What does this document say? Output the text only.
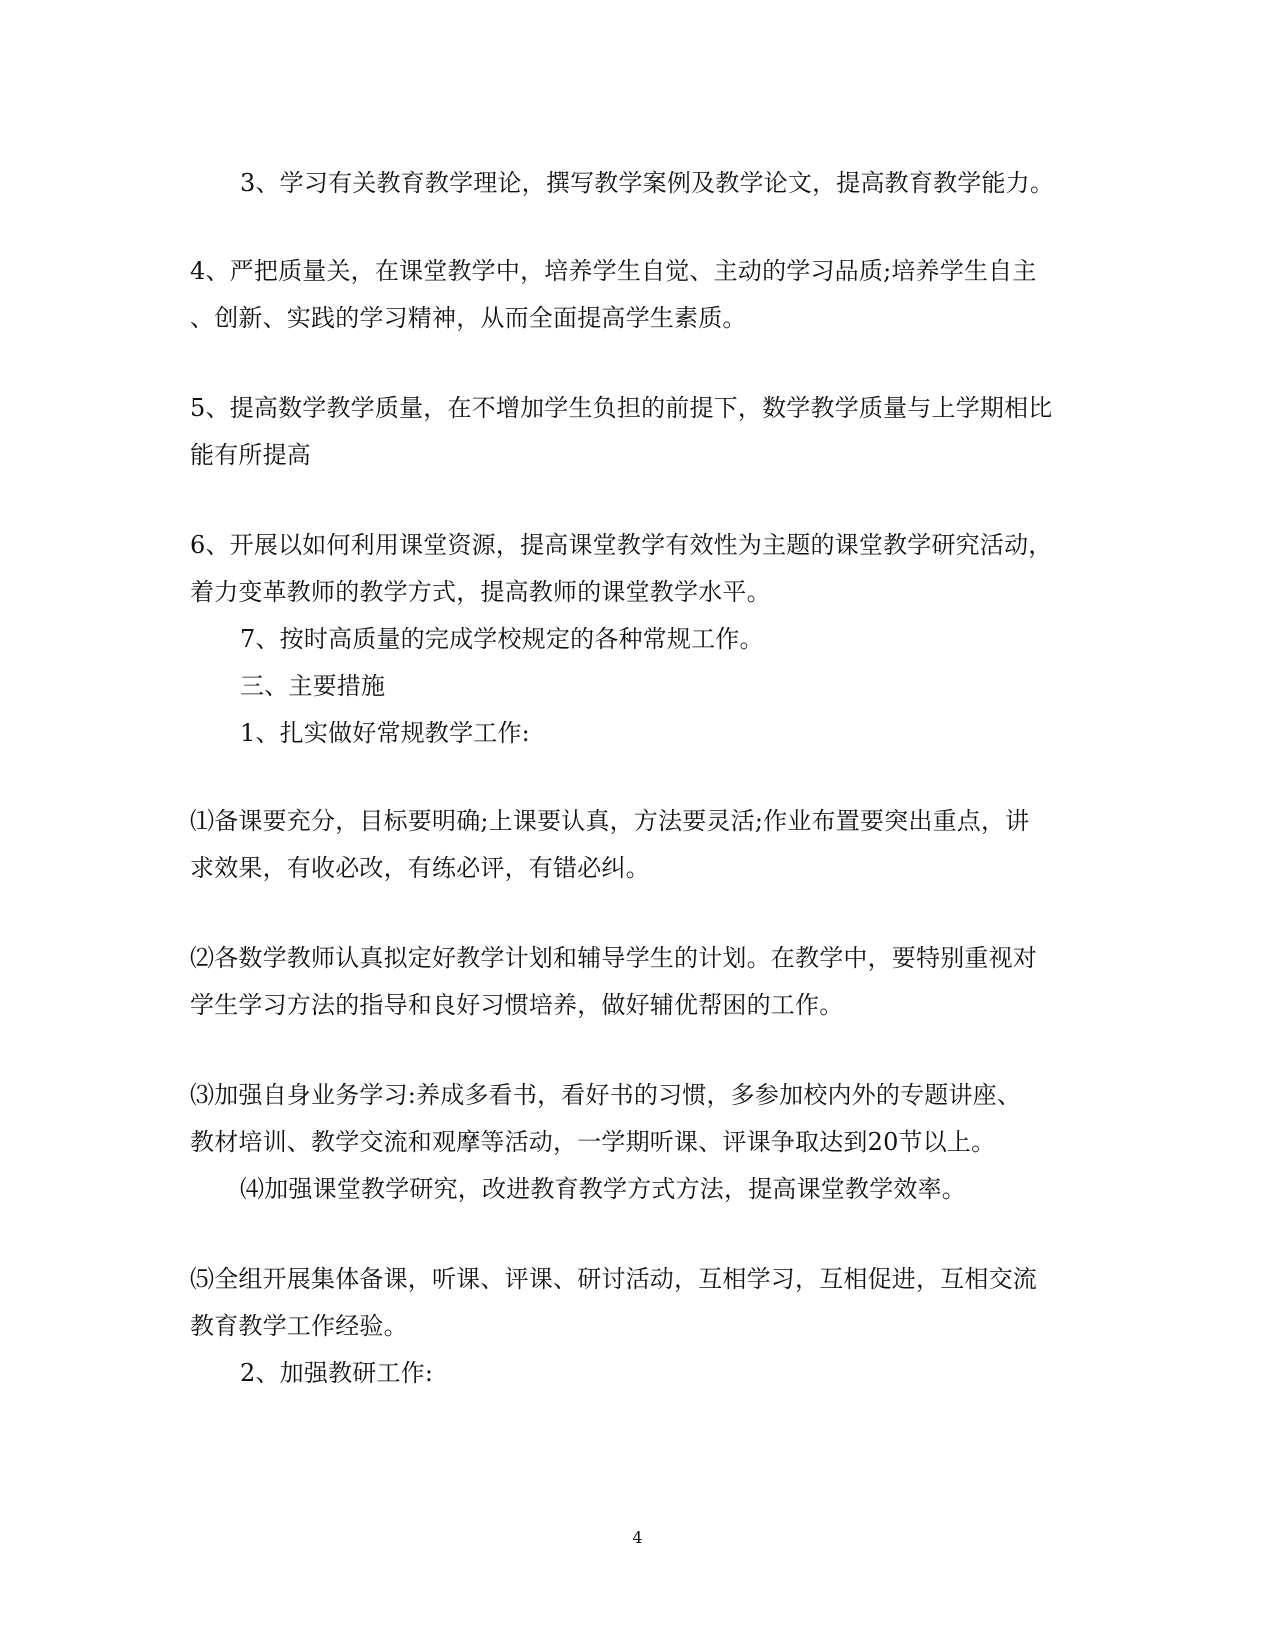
3、学习有关教育教学理论，撰写教学案例及教学论文，提高教育教学能力。
4、严把质量关，在课堂教学中，培养学生自觉、主动的学习品质;培养学生自主
、创新、实践的学习精神，从而全面提高学生素质。
5、提高数学教学质量，在不增加学生负担的前提下，数学教学质量与上学期相比
能有所提高
6、开展以如何利用课堂资源，提高课堂教学有效性为主题的课堂教学研究活动，
着力变革教师的教学方式，提高教师的课堂教学水平。
7、按时高质量的完成学校规定的各种常规工作。
三、主要措施
1、扎实做好常规教学工作:
⑴备课要充分，目标要明确;上课要认真，方法要灵活;作业布置要突出重点，讲
求效果，有收必改，有练必评，有错必纠。
⑵各数学教师认真拟定好教学计划和辅导学生的计划。在教学中，要特别重视对
学生学习方法的指导和良好习惯培养，做好辅优帮困的工作。
⑶加强自身业务学习:养成多看书，看好书的习惯，多参加校内外的专题讲座、
教材培训、教学交流和观摩等活动，一学期听课、评课争取达到20节以上。
⑷加强课堂教学研究，改进教育教学方式方法，提高课堂教学效率。
⑸全组开展集体备课，听课、评课、研讨活动，互相学习，互相促进，互相交流
教育教学工作经验。
2、加强教研工作:
4
